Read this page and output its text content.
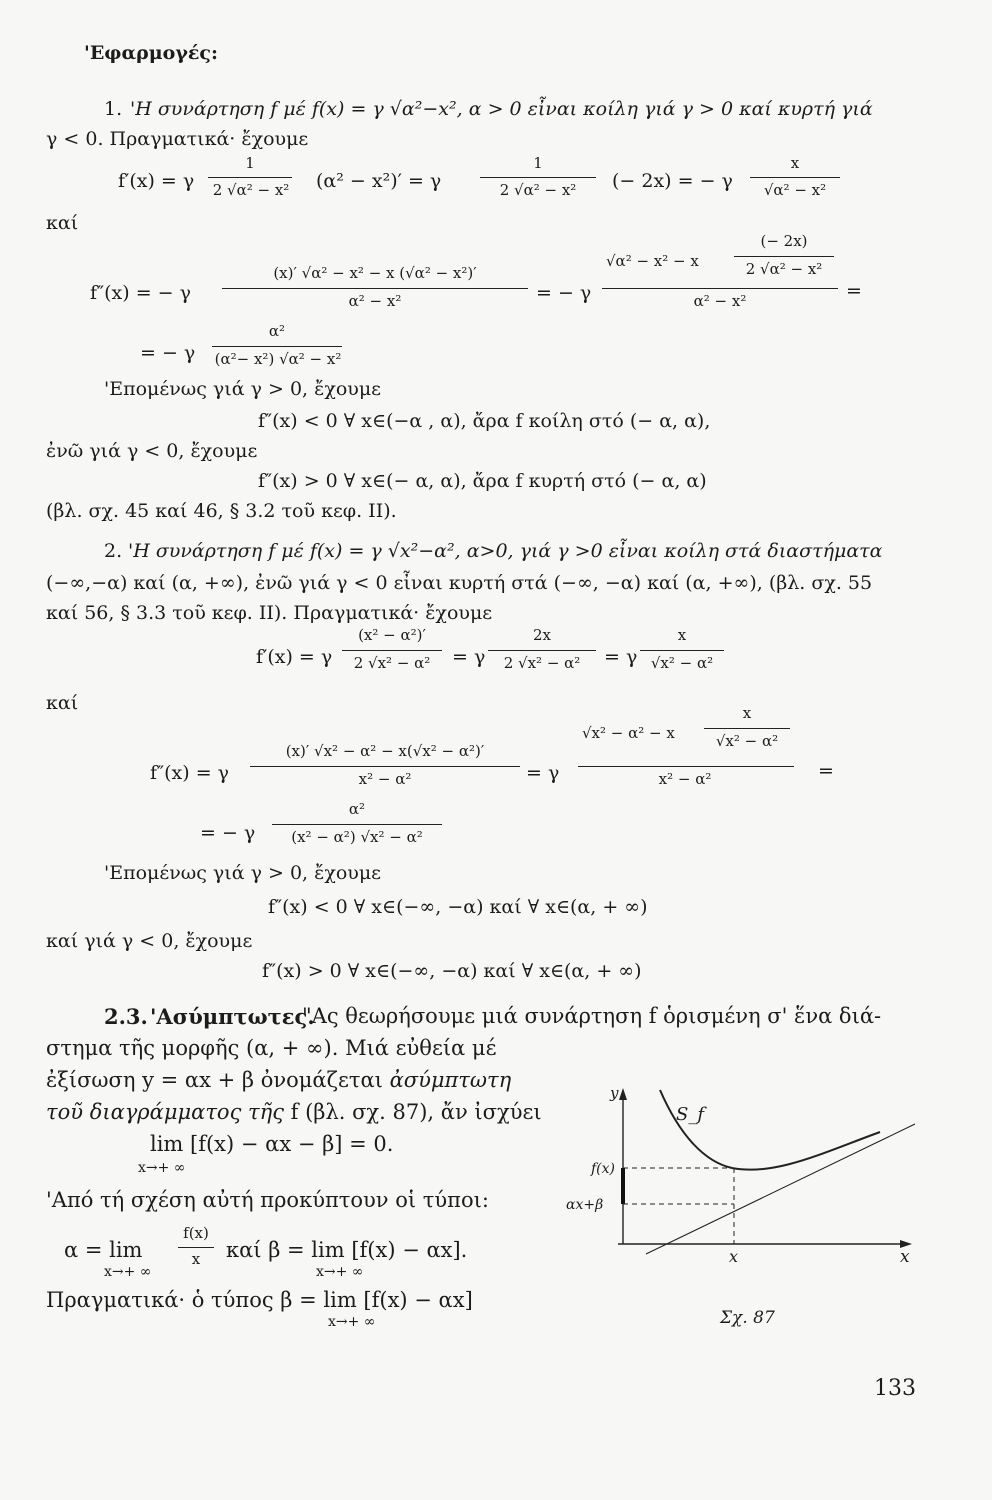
'Εφαρμογές:
1. 'Η συνάρτηση f μέ f(x) = γ √α²−x², α > 0 εἶναι κοίλη γιά γ > 0 καί κυρτή γιά
γ < 0. Πραγματικά· ἔχουμε
f′(x) = γ
1
2 √α² − x²	(α² − x²)′ = γ
1
2 √α² − x²	(− 2x) = − γ
x
√α² − x²
καί
f″(x) = − γ
(x)′ √α² − x² − x (√α² − x²)′
α² − x²	= − γ
√α² − x² − x
(− 2x)
2 √α² − x²
α² − x²	=
= − γ
α²
(α²− x²) √α² − x²
'Επομένως γιά γ > 0, ἔχουμε
f″(x) < 0 ∀ x∈(−α , α), ἄρα f κοίλη στό (− α, α),
ἐνῶ γιά γ < 0, ἔχουμε
f″(x) > 0 ∀ x∈(− α, α), ἄρα f κυρτή στό (− α, α)
(βλ. σχ. 45 καί 46, § 3.2 τοῦ κεφ. II).
2. 'Η συνάρτηση f μέ f(x) = γ √x²−α², α>0, γιά γ >0 εἶναι κοίλη στά διαστήματα
(−∞,−α) καί (α, +∞), ἐνῶ γιά γ < 0 εἶναι κυρτή στά (−∞, −α) καί (α, +∞), (βλ. σχ. 55
καί 56, § 3.3 τοῦ κεφ. II). Πραγματικά· ἔχουμε
f′(x) = γ
(x² − α²)′
2 √x² − α²	= γ
2x
2 √x² − α²	= γ
x
√x² − α²
καί
f″(x) = γ
(x)′ √x² − α² − x(√x² − α²)′
x² − α²	= γ
√x² − α² − x
x
√x² − α²
x² − α²	=
= − γ
α²
(x² − α²) √x² − α²
'Επομένως γιά γ > 0, ἔχουμε
f″(x) < 0 ∀ x∈(−∞, −α) καί ∀ x∈(α, + ∞)
καί γιά γ < 0, ἔχουμε
f″(x) > 0 ∀ x∈(−∞, −α) καί ∀ x∈(α, + ∞)
2.3. 'Ασύμπτωτες.
"Ας θεωρήσουμε μιά συνάρτηση f ὁρισμένη σ' ἕνα διά-
στημα τῆς μορφῆς (α, + ∞). Μιά εὐθεία μέ
ἐξίσωση y = αx + β ὀνομάζεται ἀσύμπτωτη
τοῦ διαγράμματος τῆς f (βλ. σχ. 87), ἄν ἰσχύει
lim [f(x) − αx − β] = 0.
x→+ ∞
'Από τή σχέση αὐτή προκύπτουν οἱ τύποι:
α = lim
f(x)
x
x→+ ∞
καί β = lim [f(x) − αx].
x→+ ∞
Πραγματικά· ὁ τύπος β = lim [f(x) − αx]
x→+ ∞
y
x
x
f(x)
αx+β
S_f
Σχ. 87
133
